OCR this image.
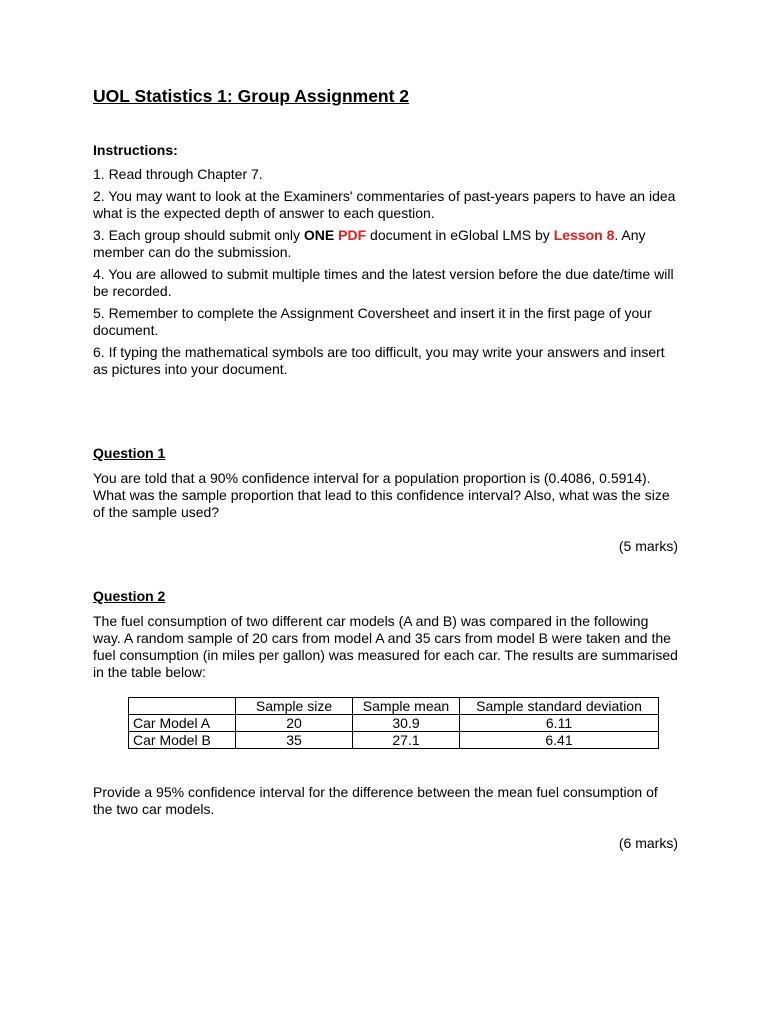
UOL Statistics 1: Group Assignment 2

Instructions:

1. Read through Chapter 7.
2. You may want to look at the Examiners' commentaries of past-years papers to have an idea what is the expected depth of answer to each question.
3. Each group should submit only ONE PDF document in eGlobal LMS by Lesson 8. Any member can do the submission.
4. You are allowed to submit multiple times and the latest version before the due date/time will be recorded.
5. Remember to complete the Assignment Coversheet and insert it in the first page of your document.
6. If typing the mathematical symbols are too difficult, you may write your answers and insert as pictures into your document.

Question 1

You are told that a 90% confidence interval for a population proportion is (0.4086, 0.5914). What was the sample proportion that lead to this confidence interval? Also, what was the size of the sample used?

(5 marks)

Question 2

The fuel consumption of two different car models (A and B) was compared in the following way. A random sample of 20 cars from model A and 35 cars from model B were taken and the fuel consumption (in miles per gallon) was measured for each car. The results are summarised in the table below:

	Sample size	Sample mean	Sample standard deviation
Car Model A	20	30.9	6.11
Car Model B	35	27.1	6.41

Provide a 95% confidence interval for the difference between the mean fuel consumption of the two car models.

(6 marks)
